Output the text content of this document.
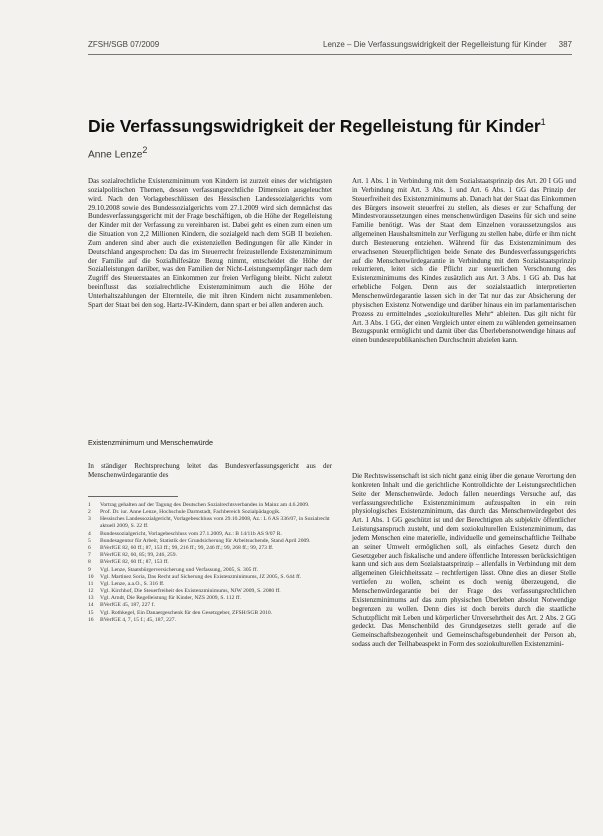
ZFSH/SGB 07/2009	Lenze – Die Verfassungswidrigkeit der Regelleistung für Kinder 387
Die Verfassungswidrigkeit der Regelleistung für Kinder$^1$
Anne Lenze$^2$

Das sozialrechtliche Existenzminimum von Kindern ist zurzeit eines der wichtigsten sozialpolitischen Themen, dessen verfassungsrechtliche Dimension ausgeleuchtet wird. Nach den Vorlagebeschlüssen des Hessischen Landessozialgerichts vom 29.10.2008 sowie des Bundessozialgerichts vom 27.1.2009 wird sich demnächst das Bundesverfassungsgericht mit der Frage beschäftigen, ob die Höhe der Regelleistung der Kinder mit der Verfassung zu vereinbaren ist. Dabei geht es einen zum einen um die Situation von 2,2 Millionen Kindern, die sozialgeld nach dem SGB II beziehen. Zum anderen sind aber auch die existenziellen Bedingungen für alle Kinder in Deutschland angesprochen: Da das im Steuerrecht freizustellende Existenzminimum der Familie auf die Sozialhilfesätze Bezug nimmt, entscheidet die Höhe der Sozialleistungen darüber, was den Familien der Nicht-Leistungsempfänger nach dem Zugriff des Steuerstaates an Einkommen zur freien Verfügung bleibt. Nicht zuletzt beeinflusst das sozialrechtliche Existenzminimum auch die Höhe der Unterhaltszahlungen der Elternteile, die mit ihren Kindern nicht zusammenleben. Spart der Staat bei den sog. Hartz-IV-Kindern, dann spart er bei allen anderen auch.

Existenzminimum und Menschenwürde

In ständiger Rechtsprechung leitet das Bundesverfassungsgericht aus der Menschenwürdegarantie des

1	Vortrag gehalten auf der Tagung des Deutschen Sozialrechtsverbandes in Mainz am 4.6.2009.
2	Prof. Dr. iur. Anne Lenze, Hochschule Darmstadt, Fachbereich Sozialpädagogik.
3	Hessisches Landessozialgericht, Vorlagebeschluss vom 29.10.2008, Az.: L 6 AS 336/07, in Sozialrecht aktuell 2009, S. 22 ff.
4	Bundessozialgericht, Vorlagebeschluss vom 27.1.2009, Az.: B 14/11b AS 9/07 R.
5	Bundesagentur für Arbeit, Statistik der Grundsicherung für Arbeitsuchende, Stand April 2009.
6	BVerfGE 82, 60 ff.; 87, 153 ff.; 99, 216 ff.; 99, 246 ff.; 99, 268 ff.; 99, 273 ff.
7	BVerfGE 82, 60, 85; 99, 246, 259.
8	BVerfGE 82, 60 ff.; 87, 153 ff.
9	Vgl. Lenze, Staatsbürgerversicherung und Verfassung, 2005, S. 305 ff.
10	Vgl. Martinez Soria, Das Recht auf Sicherung des Existenzminimums, JZ 2005, S. 644 ff.
11	Vgl. Lenze, a.a.O., S. 316 ff.
12	Vgl. Kirchhof, Die Steuerfreiheit des Existenzminimums, NJW 2009, S. 2080 ff.
13	Vgl. Arndt, Die Regelleistung für Kinder, NZS 2009, S. 112 ff.
14	BVerfGE 45, 187, 227 f.
15	Vgl. Rothkegel, Ein Danaergeschenk für den Gesetzgeber, ZFSH/SGB 2010.
16	BVerfGE 4, 7, 15 f.; 45, 187, 227.

Art. 1 Abs. 1 in Verbindung mit dem Sozialstaatsprinzip des Art. 20 I GG und in Verbindung mit Art. 3 Abs. 1 und Art. 6 Abs. 1 GG das Prinzip der Steuerfreiheit des Existenzminimums ab. Danach hat der Staat das Einkommen des Bürgers insoweit steuerfrei zu stellen, als dieses er zur Schaffung der Mindestvoraussetzungen eines menschenwürdigen Daseins für sich und seine Familie benötigt. Was der Staat dem Einzelnen voraussetzungslos aus allgemeinen Haushaltsmitteln zur Verfügung zu stellen habe, dürfe er ihm nicht durch Besteuerung entziehen. Während für das Existenzminimum des erwachsenen Steuerpflichtigen beide Senate des Bundesverfassungsgerichts auf die Menschenwürdegarantie in Verbindung mit dem Sozialstaatsprinzip rekurrieren, leitet sich die Pflicht zur steuerlichen Verschonung des Existenzminimums des Kindes zusätzlich aus Art. 3 Abs. 1 GG ab. Das hat erhebliche Folgen. Denn aus der sozialstaatlich interpretierten Menschenwürdegarantie lassen sich in der Tat nur das zur Absicherung der physischen Existenz Notwendige und darüber hinaus ein im parlamentarischen Prozess zu ermittelndes „soziokulturelles Mehr“ ableiten. Das gilt nicht für Art. 3 Abs. 1 GG, der einen Vergleich unter einem zu wählenden gemeinsamen Bezugspunkt ermöglicht und damit über das Überlebensnotwendige hinaus auf einen bundesrepublikanischen Durchschnitt abzielen kann.

Die Rechtswissenschaft ist sich nicht ganz einig über die genaue Verortung den konkreten Inhalt und die gerichtliche Kontrolldichte der Leistungsrechtlichen Seite der Menschenwürde. Jedoch fallen neuerdings Versuche auf, das verfassungsrechtliche Existenzminimum aufzuspalten in ein rein physiologisches Existenzminimum, das durch das Menschenwürdegebot des Art. 1 Abs. 1 GG geschützt ist und der Berechtigten als subjektiv öffentlicher Leistungsanspruch zusteht, und dem soziokulturellen Existenzminimum, das jedem Menschen eine materielle, individuelle und gemeinschaftliche Teilhabe an seiner Umwelt ermöglichen soll, als einfaches Gesetz durch den Gesetzgeber auch fiskalische und andere öffentliche Interessen berücksichtigen kann und sich aus dem Sozialstaatsprinzip – allenfalls in Verbindung mit dem allgemeinen Gleichheitssatz – rechtfertigen lässt. Ohne dies an dieser Stelle vertiefen zu wollen, scheint es doch wenig überzeugend, die Menschenwürdegarantie bei der Frage des verfassungsrechtlichen Existenzminimums auf das zum physischen Überleben absolut Notwendige begrenzen zu wollen. Denn dies ist doch bereits durch die staatliche Schutzpflicht mit Leben und körperlicher Unversehrtheit des Art. 2 Abs. 2 GG gedeckt. Das Menschenbild des Grundgesetzes stellt gerade auf die Gemeinschaftsbezogenheit und Gemeinschaftsgebundenheit der Person ab, sodass auch der Teilhabeaspekt in Form des soziokulturellen Existenzmini-
